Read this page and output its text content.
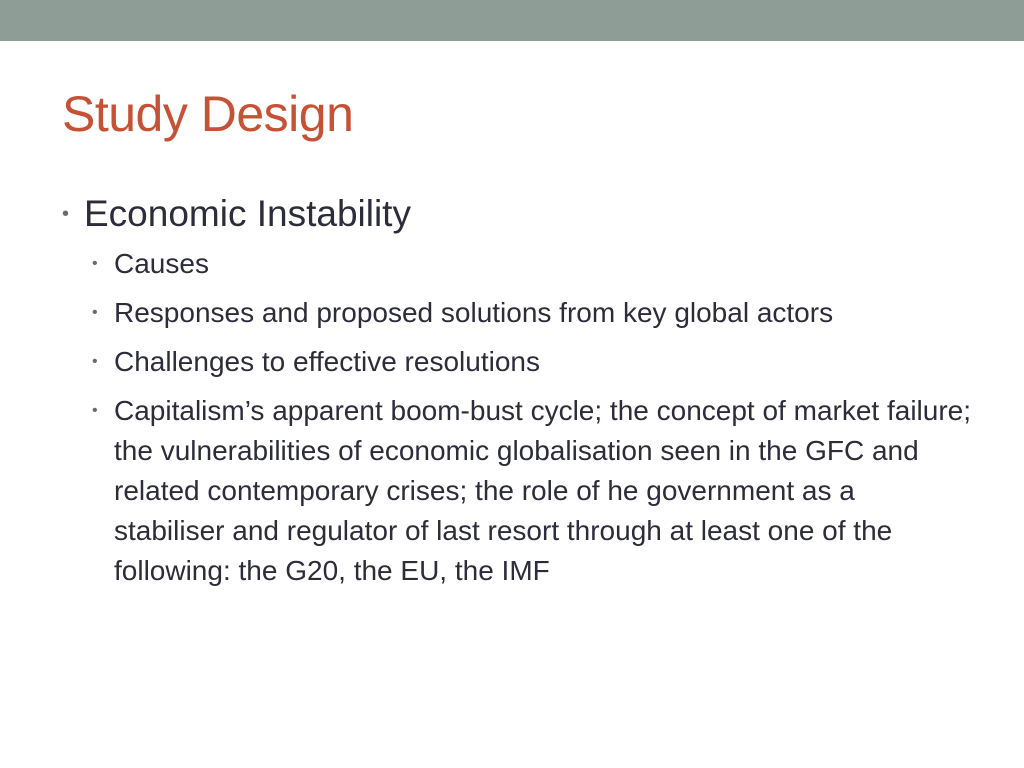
Study Design
• Economic Instability
• Causes
• Responses and proposed solutions from key global actors
• Challenges to effective resolutions
• Capitalism’s apparent boom-bust cycle; the concept of market failure; the vulnerabilities of economic globalisation seen in the GFC and related contemporary crises; the role of he government as a stabiliser and regulator of last resort through at least one of the following: the G20, the EU, the IMF
